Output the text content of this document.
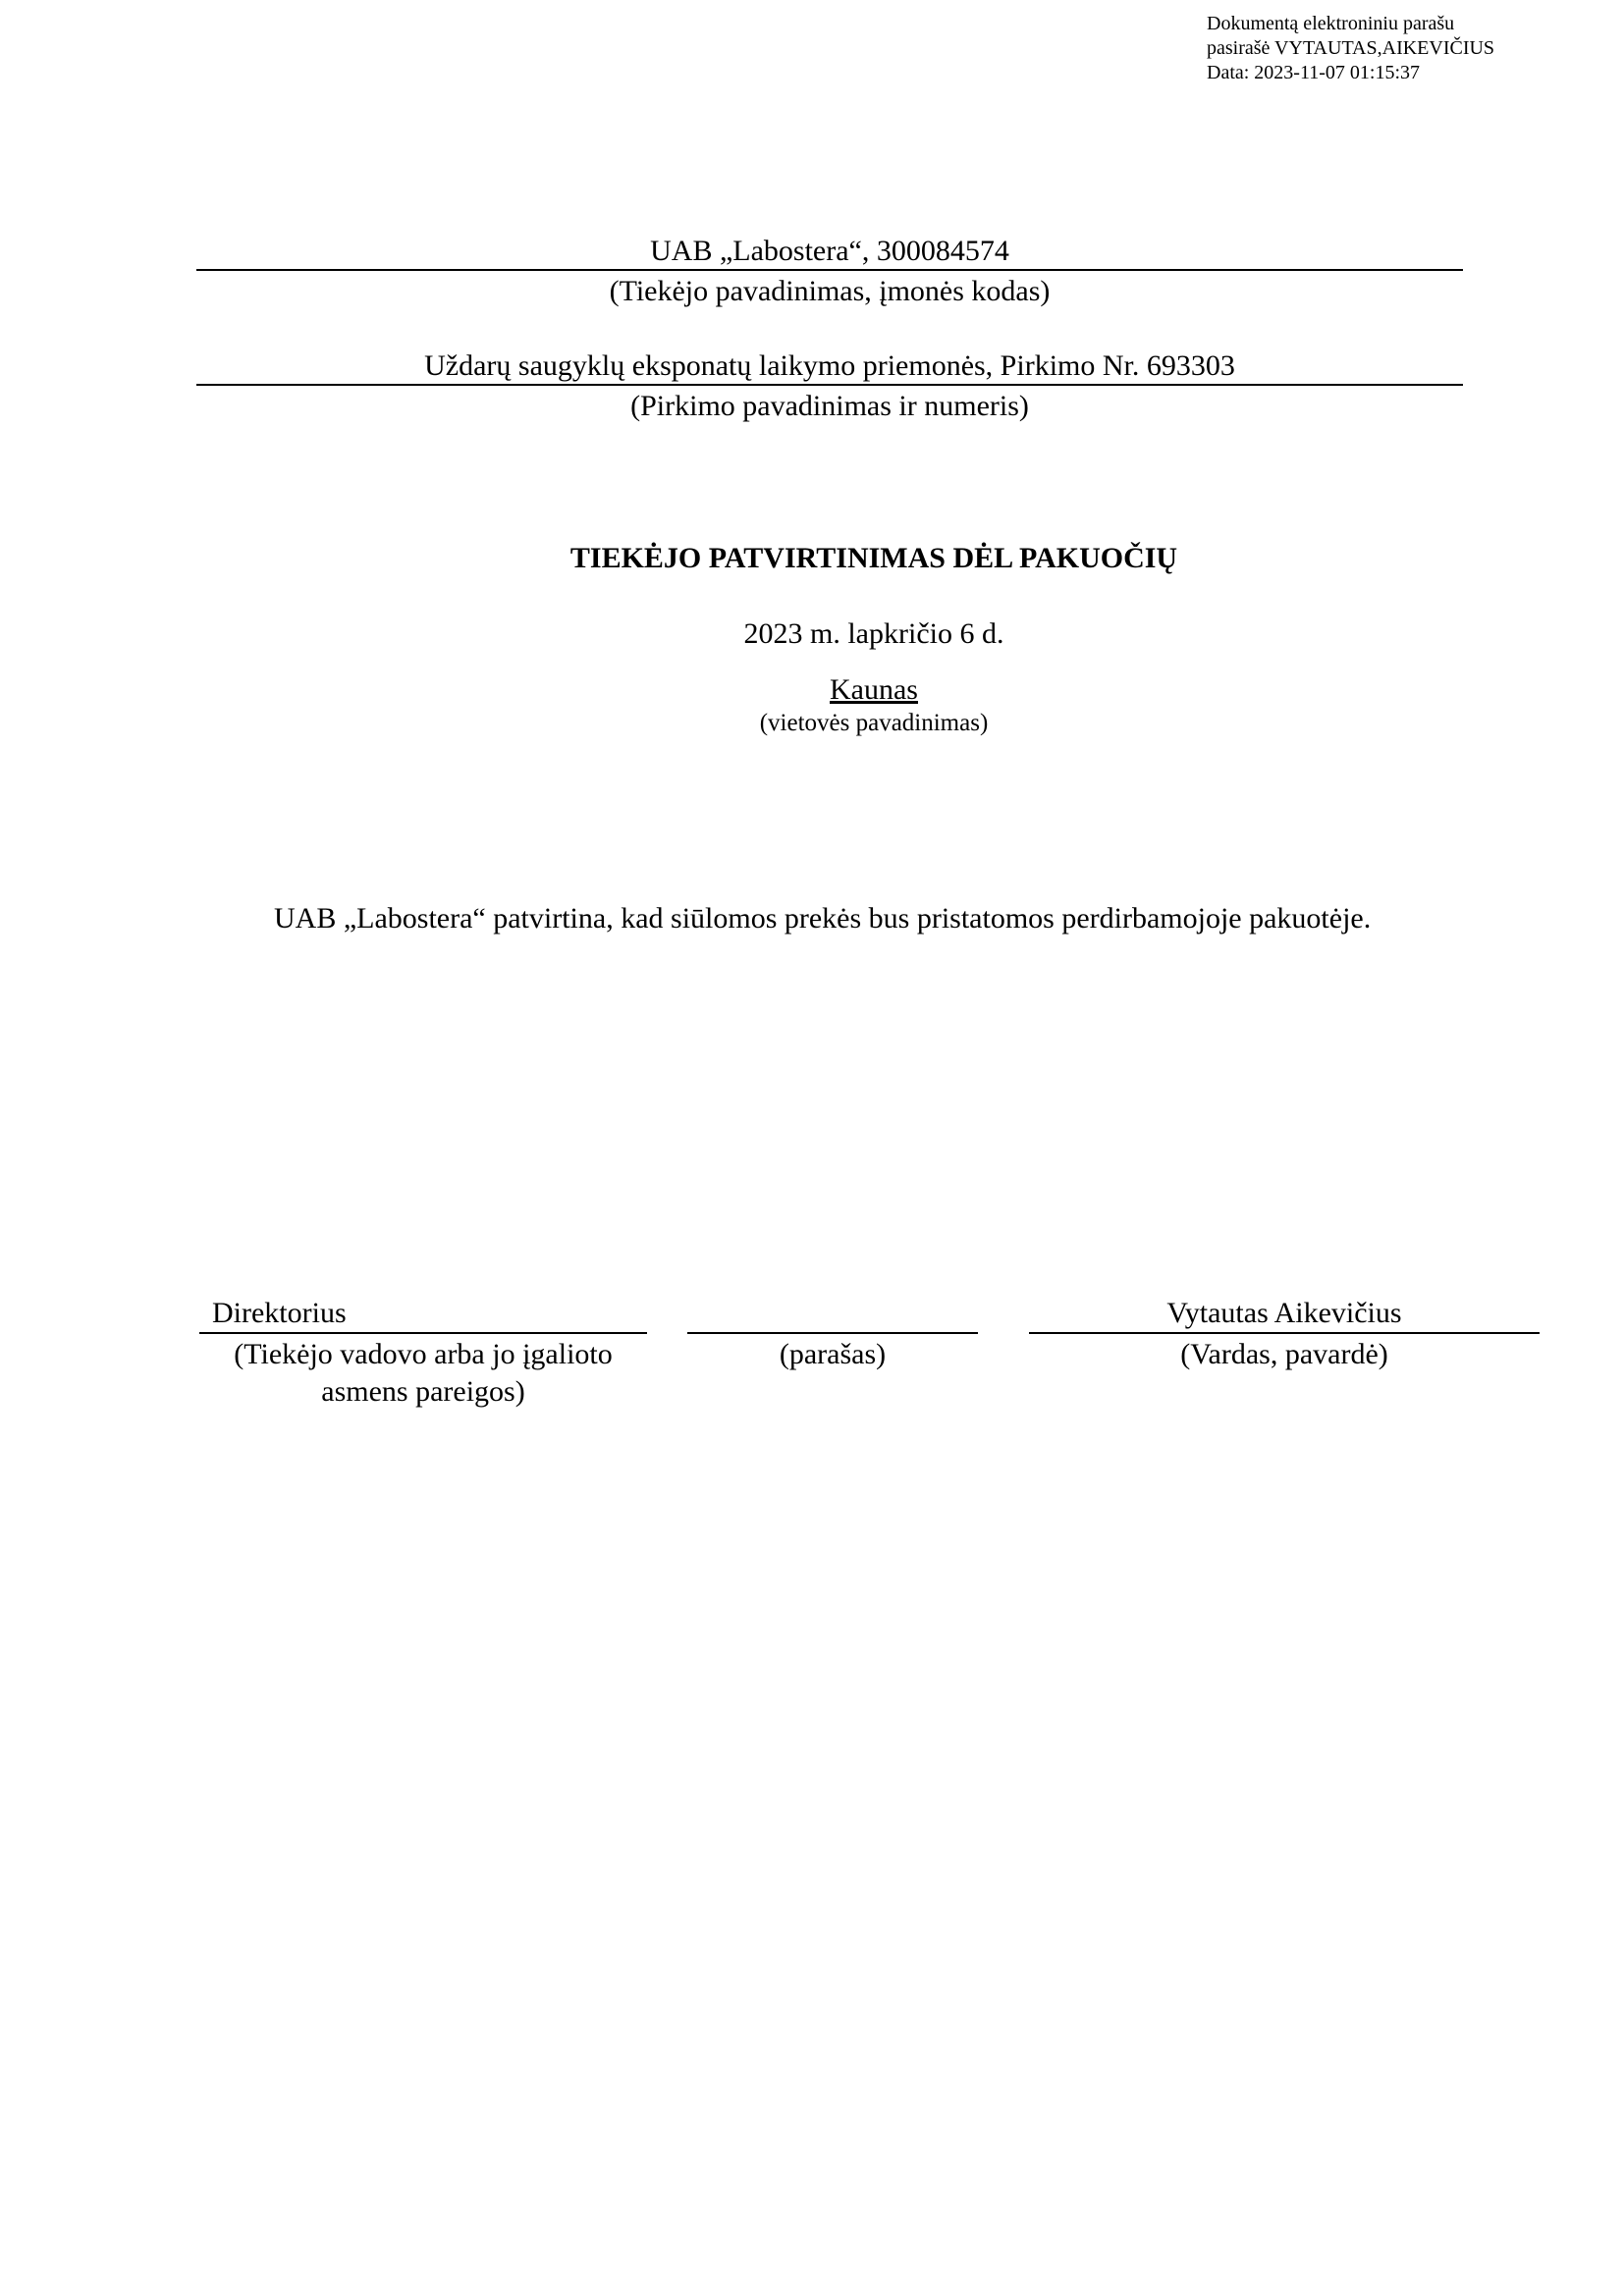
Dokumentą elektroniniu parašu
pasirašė VYTAUTAS,AIKEVIČIUS
Data: 2023-11-07 01:15:37
UAB „Labostera“, 300084574
(Tiekėjo pavadinimas, įmonės kodas)
Uždarų saugyklų eksponatų laikymo priemonės, Pirkimo Nr. 693303
(Pirkimo pavadinimas ir numeris)
TIEKĖJO PATVIRTINIMAS DĖL PAKUOČIŲ
2023 m. lapkričio 6 d.
Kaunas
(vietovės pavadinimas)
UAB „Labostera“ patvirtina, kad siūlomos prekės bus pristatomos perdirbamojoje pakuotėje.
Direktorius
(Tiekėjo vadovo arba jo įgalioto
asmens pareigos)
(parašas)
Vytautas Aikevičius
(Vardas, pavardė)
